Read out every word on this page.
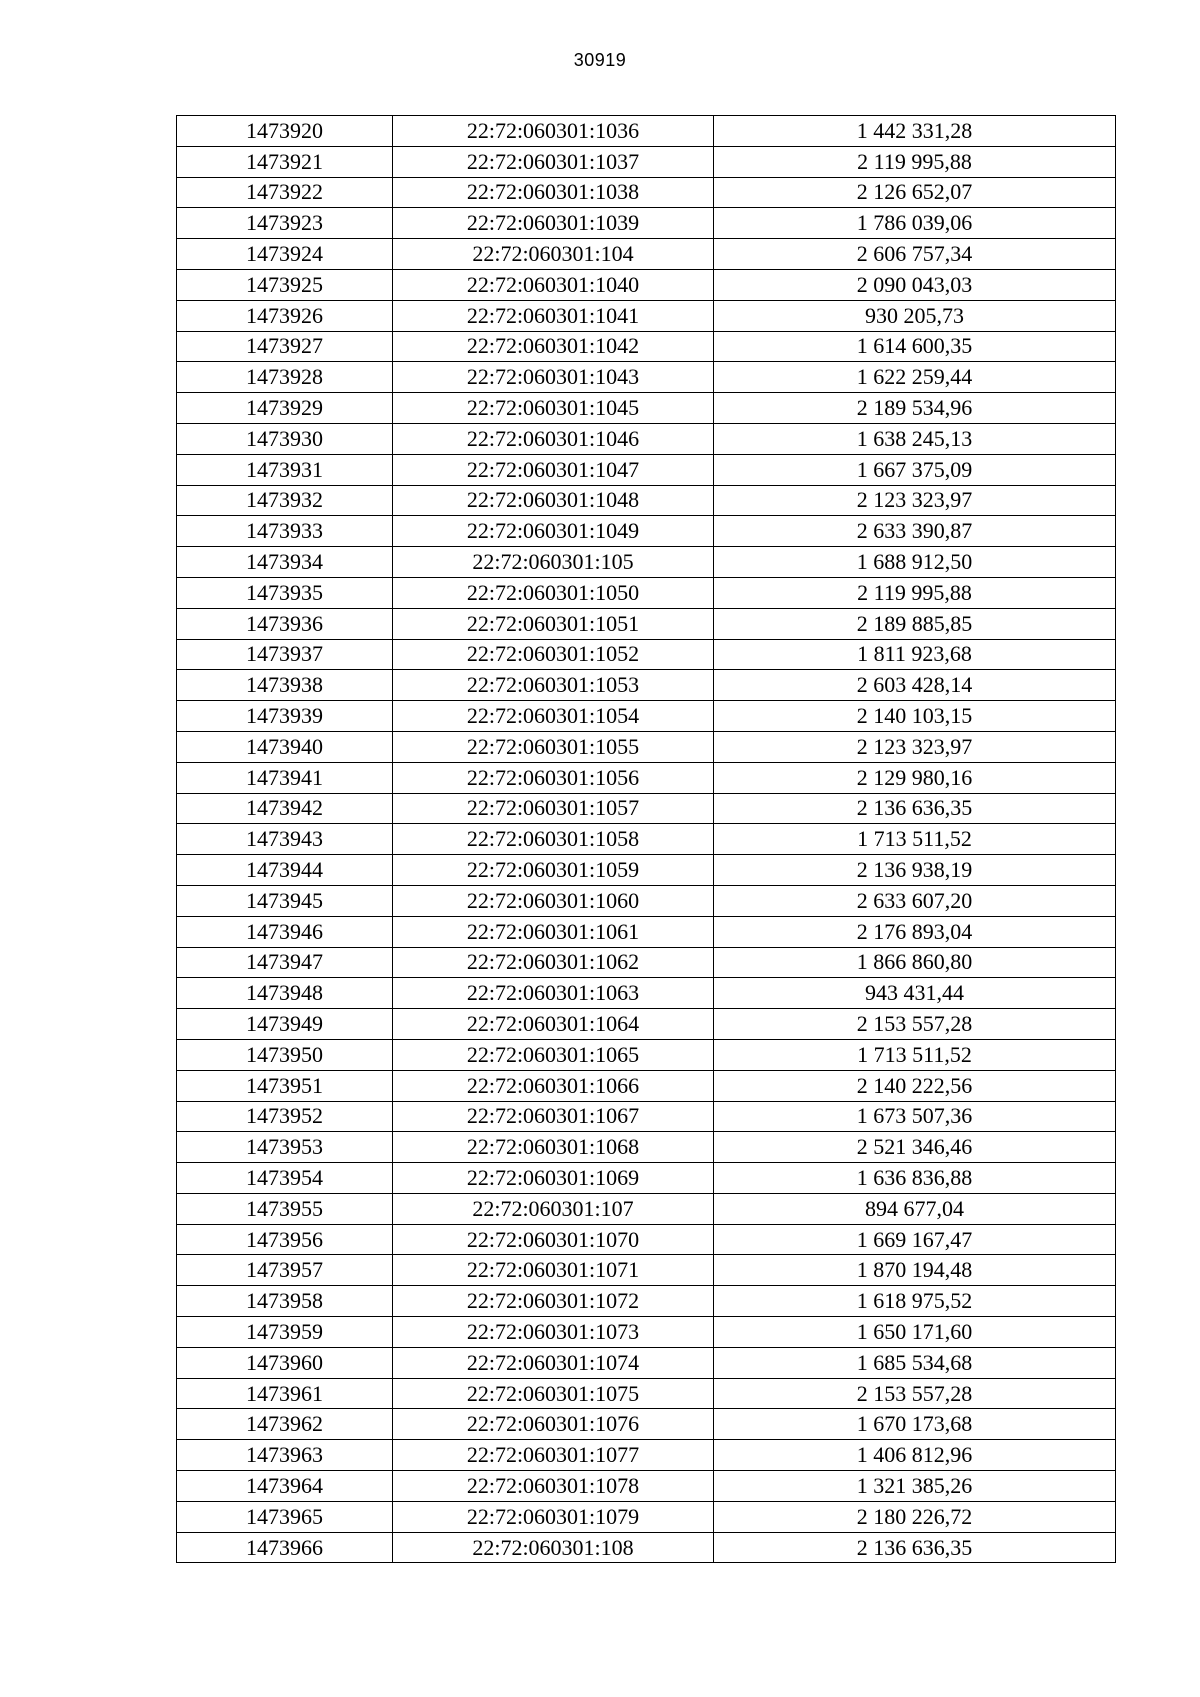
30919
1473920	22:72:060301:1036	1 442 331,28
1473921	22:72:060301:1037	2 119 995,88
1473922	22:72:060301:1038	2 126 652,07
1473923	22:72:060301:1039	1 786 039,06
1473924	22:72:060301:104	2 606 757,34
1473925	22:72:060301:1040	2 090 043,03
1473926	22:72:060301:1041	930 205,73
1473927	22:72:060301:1042	1 614 600,35
1473928	22:72:060301:1043	1 622 259,44
1473929	22:72:060301:1045	2 189 534,96
1473930	22:72:060301:1046	1 638 245,13
1473931	22:72:060301:1047	1 667 375,09
1473932	22:72:060301:1048	2 123 323,97
1473933	22:72:060301:1049	2 633 390,87
1473934	22:72:060301:105	1 688 912,50
1473935	22:72:060301:1050	2 119 995,88
1473936	22:72:060301:1051	2 189 885,85
1473937	22:72:060301:1052	1 811 923,68
1473938	22:72:060301:1053	2 603 428,14
1473939	22:72:060301:1054	2 140 103,15
1473940	22:72:060301:1055	2 123 323,97
1473941	22:72:060301:1056	2 129 980,16
1473942	22:72:060301:1057	2 136 636,35
1473943	22:72:060301:1058	1 713 511,52
1473944	22:72:060301:1059	2 136 938,19
1473945	22:72:060301:1060	2 633 607,20
1473946	22:72:060301:1061	2 176 893,04
1473947	22:72:060301:1062	1 866 860,80
1473948	22:72:060301:1063	943 431,44
1473949	22:72:060301:1064	2 153 557,28
1473950	22:72:060301:1065	1 713 511,52
1473951	22:72:060301:1066	2 140 222,56
1473952	22:72:060301:1067	1 673 507,36
1473953	22:72:060301:1068	2 521 346,46
1473954	22:72:060301:1069	1 636 836,88
1473955	22:72:060301:107	894 677,04
1473956	22:72:060301:1070	1 669 167,47
1473957	22:72:060301:1071	1 870 194,48
1473958	22:72:060301:1072	1 618 975,52
1473959	22:72:060301:1073	1 650 171,60
1473960	22:72:060301:1074	1 685 534,68
1473961	22:72:060301:1075	2 153 557,28
1473962	22:72:060301:1076	1 670 173,68
1473963	22:72:060301:1077	1 406 812,96
1473964	22:72:060301:1078	1 321 385,26
1473965	22:72:060301:1079	2 180 226,72
1473966	22:72:060301:108	2 136 636,35
